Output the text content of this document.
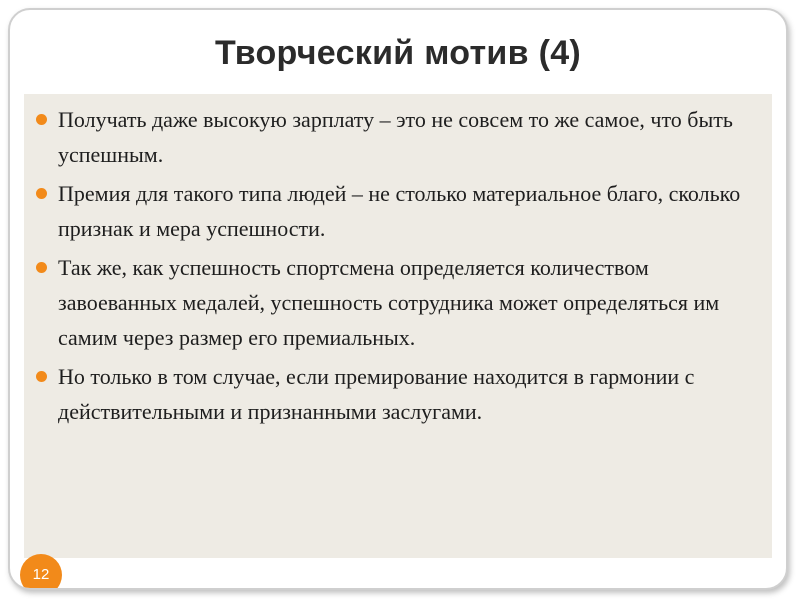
Творческий мотив (4)
Получать даже высокую зарплату – это не совсем то же самое, что быть успешным.
Премия для такого типа людей – не столько материальное благо, сколько признак и мера успешности.
Так же, как успешность спортсмена определяется количеством завоеванных медалей, успешность сотрудника может определяться им самим через размер его премиальных.
Но только в том случае, если премирование находится в гармонии с действительными и признанными заслугами.
12
